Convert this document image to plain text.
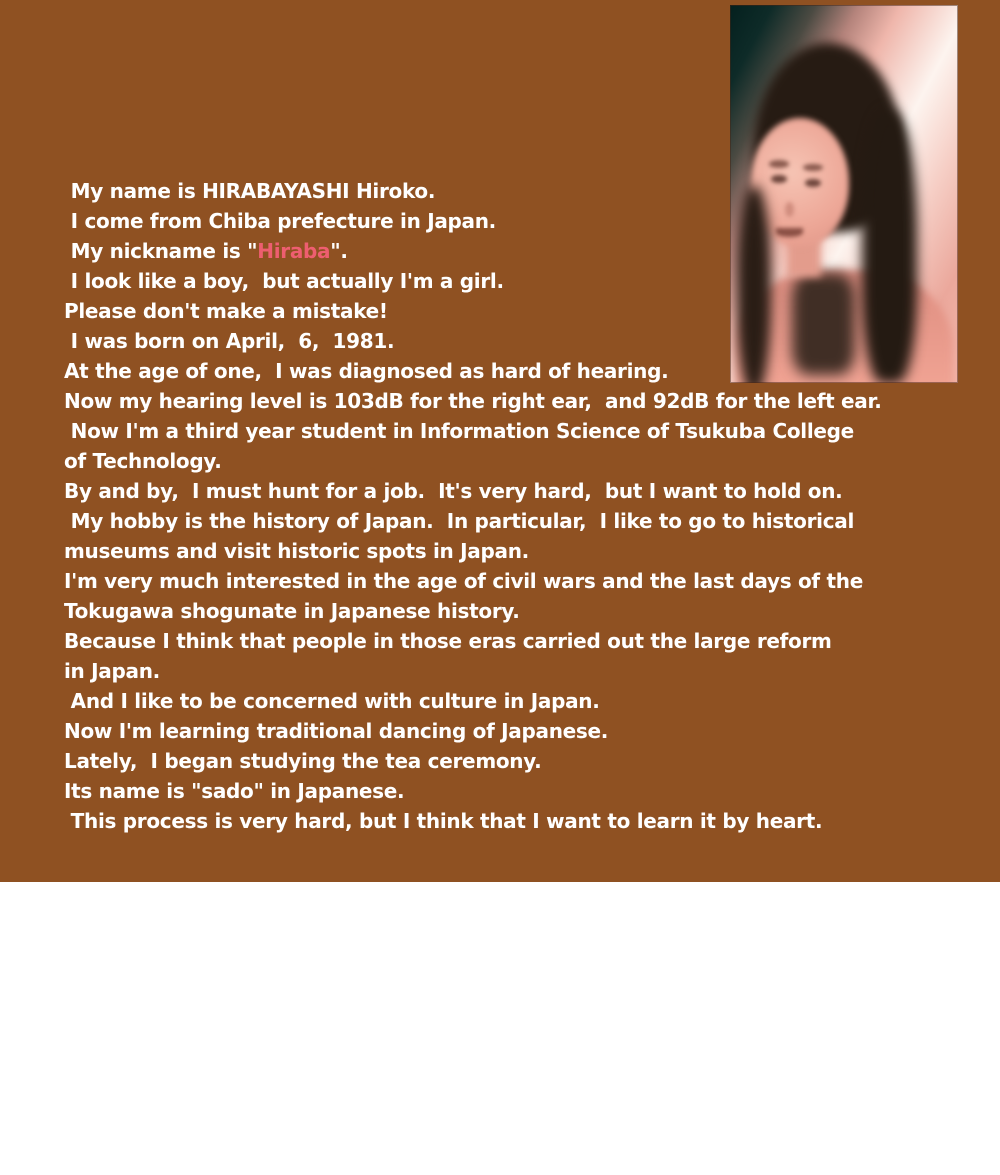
My name is HIRABAYASHI Hiroko.
I come from Chiba prefecture in Japan.
My nickname is "Hiraba".
I look like a boy,  but actually I'm a girl.
Please don't make a mistake!
I was born on April,  6,  1981.
At the age of one,  I was diagnosed as hard of hearing.
Now my hearing level is 103dB for the right ear,  and 92dB for the left ear.
Now I'm a third year student in Information Science of Tsukuba College
of Technology.
By and by,  I must hunt for a job.  It's very hard,  but I want to hold on.
My hobby is the history of Japan.  In particular,  I like to go to historical
museums and visit historic spots in Japan.
I'm very much interested in the age of civil wars and the last days of the
Tokugawa shogunate in Japanese history.
Because I think that people in those eras carried out the large reform
in Japan.
And I like to be concerned with culture in Japan.
Now I'm learning traditional dancing of Japanese.
Lately,  I began studying the tea ceremony.
Its name is "sado" in Japanese.
This process is very hard, but I think that I want to learn it by heart.
